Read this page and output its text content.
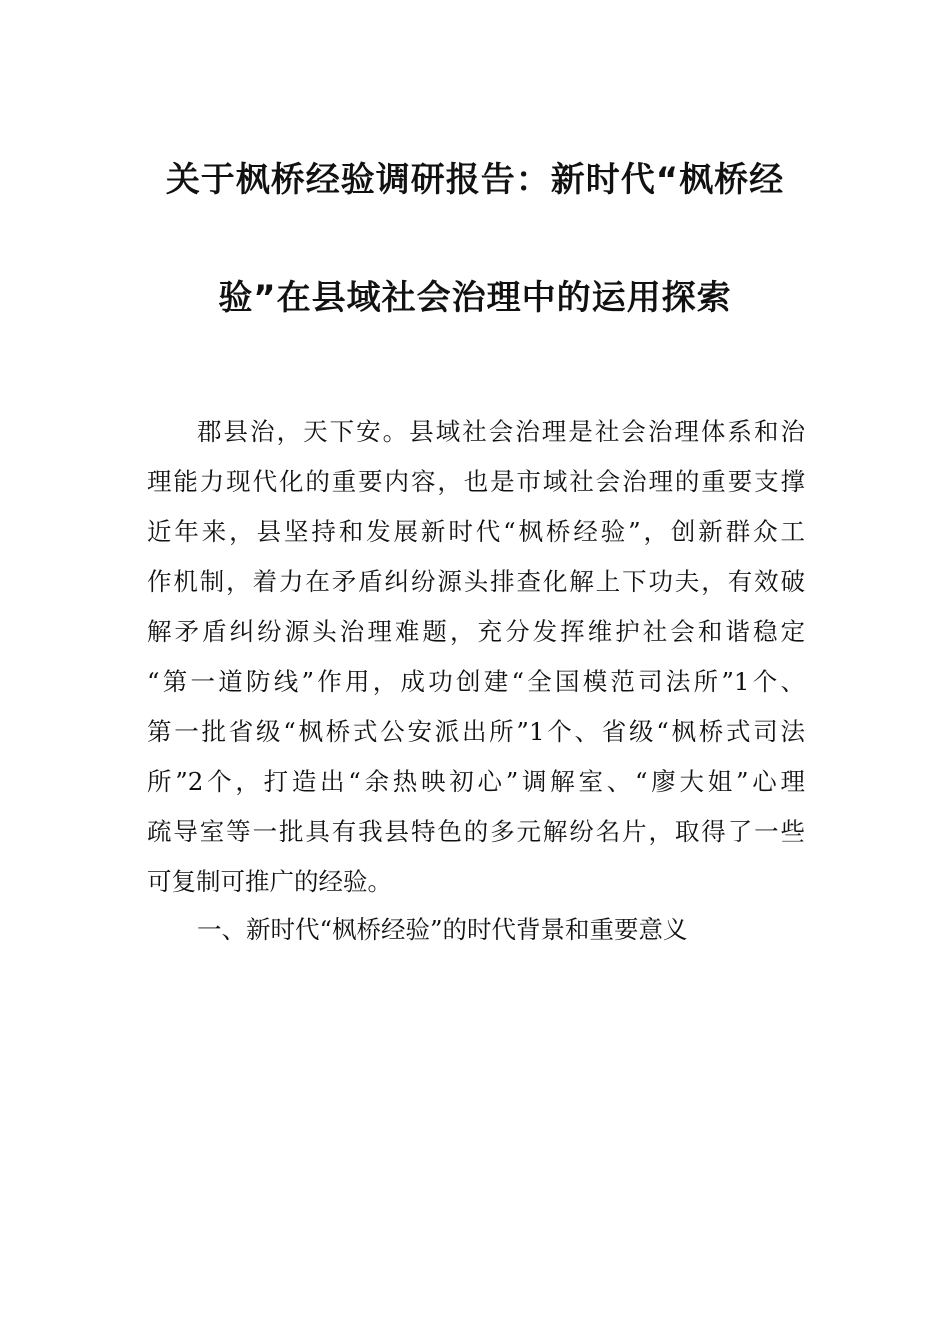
关于枫桥经验调研报告：新时代“枫桥经
验”在县域社会治理中的运用探索
郡县治，天下安。县域社会治理是社会治理体系和治
理能力现代化的重要内容，也是市域社会治理的重要支撑
近年来，县坚持和发展新时代“枫桥经验”，创新群众工
作机制，着力在矛盾纠纷源头排查化解上下功夫，有效破
解矛盾纠纷源头治理难题，充分发挥维护社会和谐稳定
“第一道防线”作用，成功创建“全国模范司法所”1个、
第一批省级“枫桥式公安派出所”1个、省级“枫桥式司法
所”2个，打造出“余热映初心”调解室、“廖大姐”心理
疏导室等一批具有我县特色的多元解纷名片，取得了一些
可复制可推广的经验。
一、新时代“枫桥经验”的时代背景和重要意义
